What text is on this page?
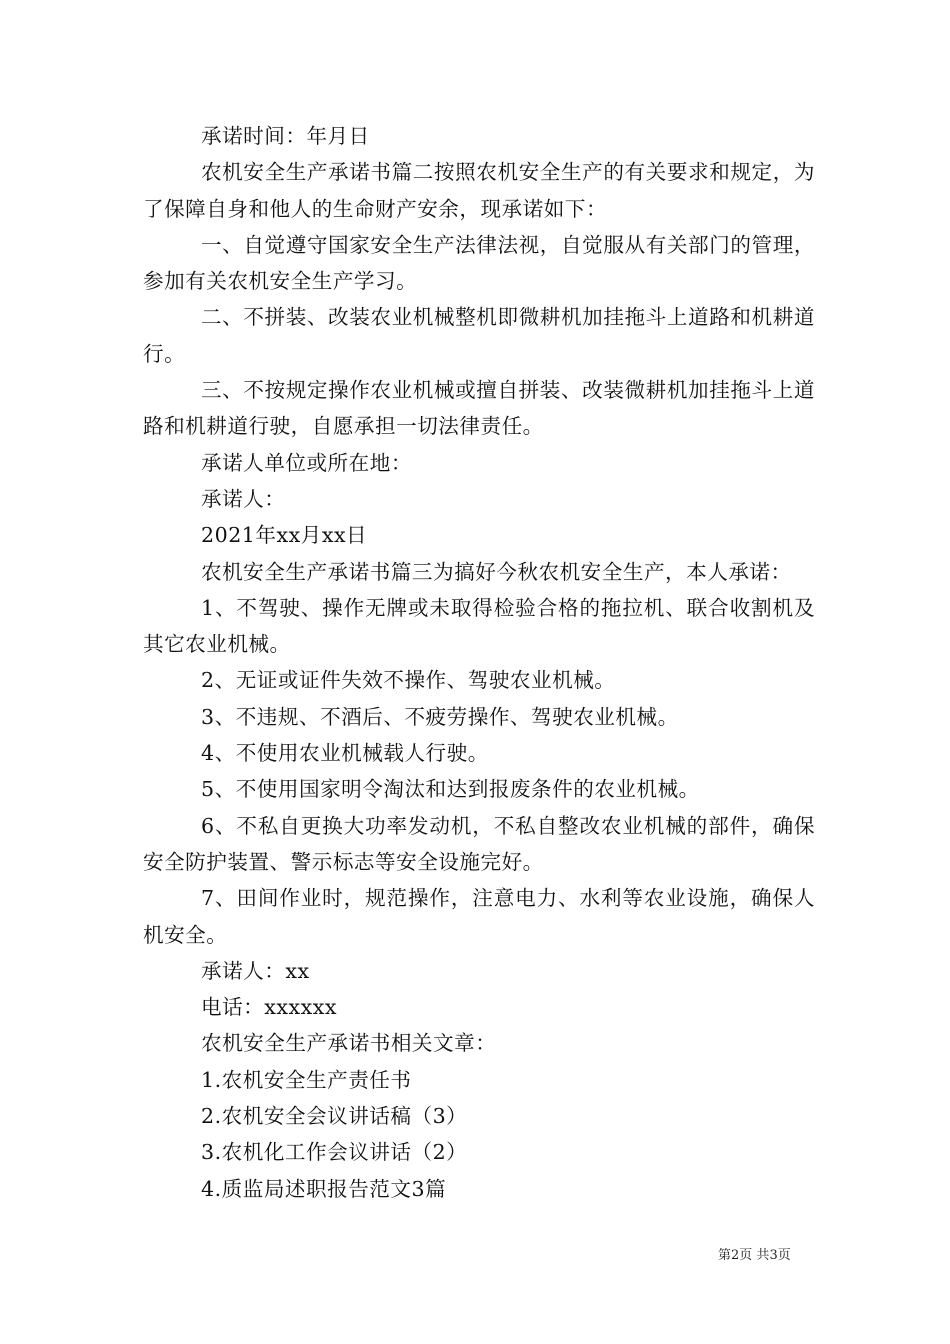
承诺时间：年月日

农机安全生产承诺书篇二按照农机安全生产的有关要求和规定，为了保障自身和他人的生命财产安余，现承诺如下：

一、自觉遵守国家安全生产法律法视，自觉服从有关部门的管理，参加有关农机安全生产学习。

二、不拼装、改装农业机械整机即微耕机加挂拖斗上道路和机耕道行。

三、不按规定操作农业机械或擅自拼装、改装微耕机加挂拖斗上道路和机耕道行驶，自愿承担一切法律责任。

承诺人单位或所在地：

承诺人：

2021年xx月xx日

农机安全生产承诺书篇三为搞好今秋农机安全生产，本人承诺：

1、不驾驶、操作无牌或未取得检验合格的拖拉机、联合收割机及其它农业机械。

2、无证或证件失效不操作、驾驶农业机械。

3、不违规、不酒后、不疲劳操作、驾驶农业机械。

4、不使用农业机械载人行驶。

5、不使用国家明令淘汰和达到报废条件的农业机械。

6、不私自更换大功率发动机，不私自整改农业机械的部件，确保安全防护装置、警示标志等安全设施完好。

7、田间作业时，规范操作，注意电力、水利等农业设施，确保人机安全。

承诺人：xx

电话：xxxxxx

农机安全生产承诺书相关文章：

1.农机安全生产责任书

2.农机安全会议讲话稿（3）

3.农机化工作会议讲话（2）

4.质监局述职报告范文3篇

第2页 共3页
